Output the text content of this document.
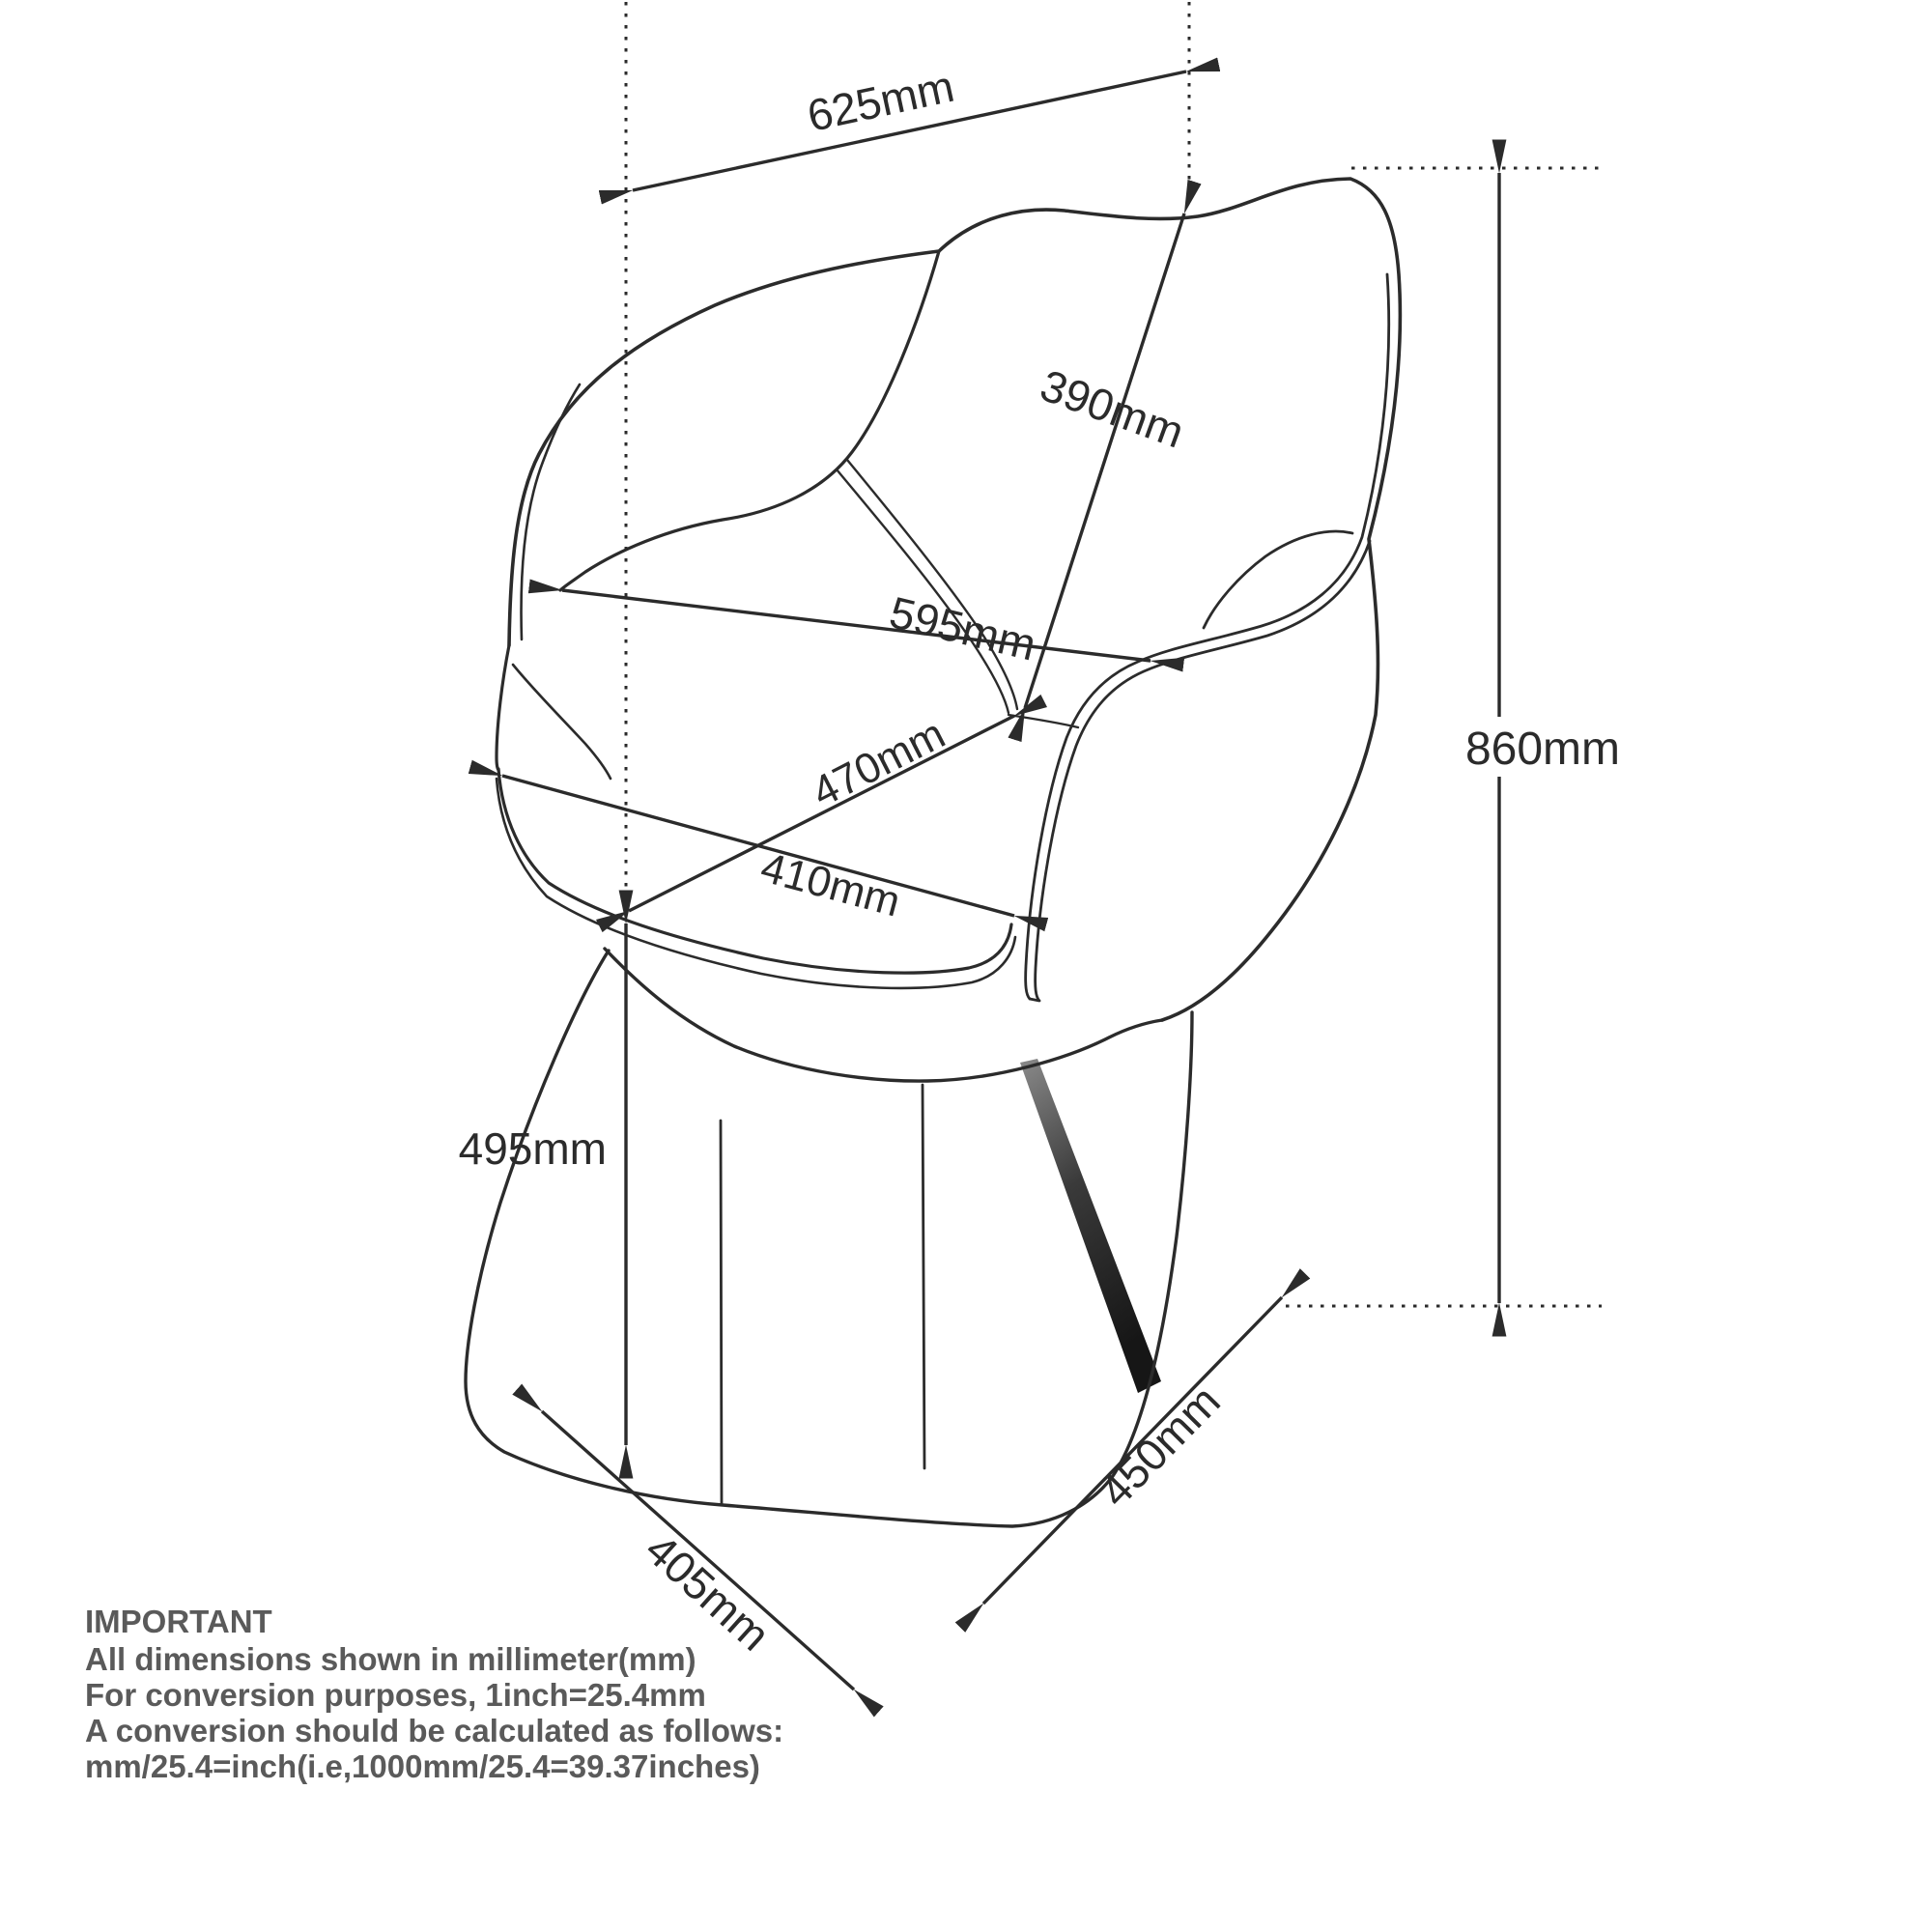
625mm
390mm
595mm
470mm
410mm
495mm
405mm
450mm
860mm
IMPORTANT
All dimensions shown in millimeter(mm)
For conversion purposes, 1inch=25.4mm
A conversion should be calculated as follows:
mm/25.4=inch(i.e,1000mm/25.4=39.37inches)
